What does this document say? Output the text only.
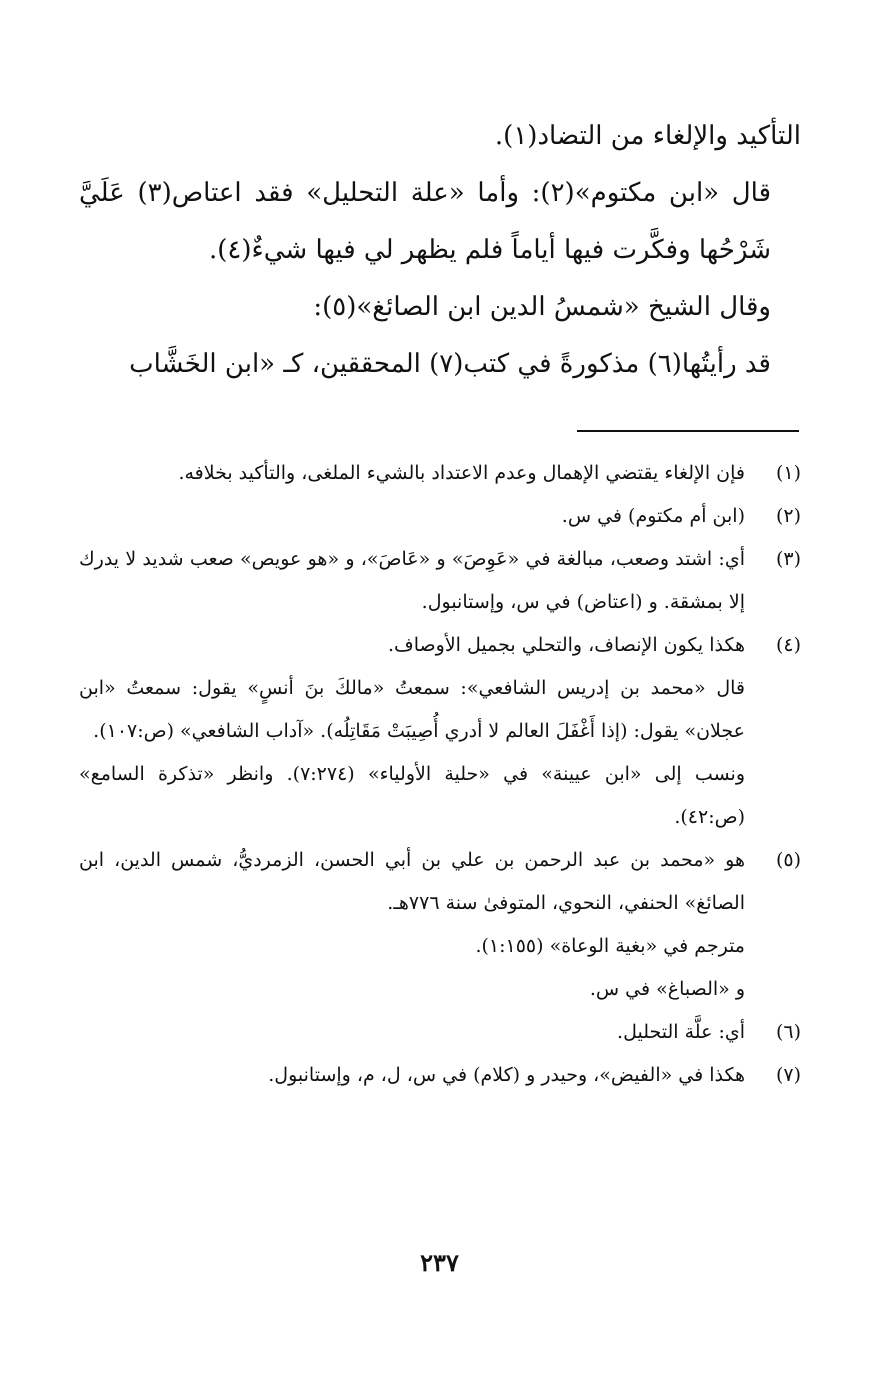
التأكيد والإلغاء من التضاد(١).

قال «ابن مكتوم»(٢): وأما «علة التحليل» فقد اعتاص(٣) عَلَيَّ شَرْحُها وفكَّرت فيها أياماً فلم يظهر لي فيها شيءٌ(٤).

وقال الشيخ «شمسُ الدين ابن الصائغ»(٥):

قد رأيتُها(٦) مذكورةً في كتب(٧) المحققين، كـ «ابن الخَشَّاب

(١)

فإن الإلغاء يقتضي الإهمال وعدم الاعتداد بالشيء الملغى، والتأكيد بخلافه.

(٢)

(ابن أم مكتوم) في س.

(٣)

أي: اشتد وصعب، مبالغة في «عَوِصَ» و «عَاصَ»، و «هو عويص» صعب شديد لا يدرك إلا بمشقة. و (اعتاض) في س، وإستانبول.

(٤)

هكذا يكون الإنصاف، والتحلي بجميل الأوصاف.

قال «محمد بن إدريس الشافعي»: سمعتُ «مالكَ بنَ أنسٍ» يقول: سمعتُ «ابن عجلان» يقول: (إذا أَغْفَلَ العالم لا أدري أُصِيبَتْ مَقَاتِلُه). «آداب الشافعي» (ص:١٠٧).

ونسب إلى «ابن عيينة» في «حلية الأولياء» (٧:٢٧٤). وانظر «تذكرة السامع» (ص:٤٢).

(٥)

هو «محمد بن عبد الرحمن بن علي بن أبي الحسن، الزمرديُّ، شمس الدين، ابن الصائغ» الحنفي، النحوي، المتوفىٰ سنة ٧٧٦هـ.

مترجم في «بغية الوعاة» (١:١٥٥).

و «الصباغ» في س.

(٦)

أي: علَّة التحليل.

(٧)

هكذا في «الفيض»، وحيدر و (كلام) في س، ل، م، وإستانبول.

٢٣٧
